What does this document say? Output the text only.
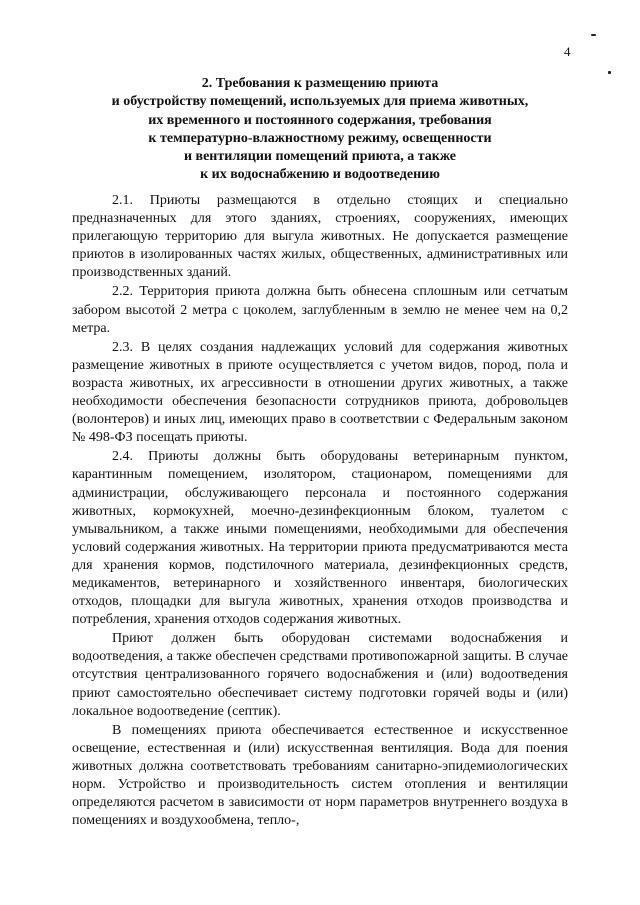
4
2. Требования к размещению приюта
и обустройству помещений, используемых для приема животных,
их временного и постоянного содержания, требования
к температурно-влажностному режиму, освещенности
и вентиляции помещений приюта, а также
к их водоснабжению и водоотведению

2.1. Приюты размещаются в отдельно стоящих и специально предназначенных для этого зданиях, строениях, сооружениях, имеющих прилегающую территорию для выгула животных. Не допускается размещение приютов в изолированных частях жилых, общественных, административных или производственных зданий.

2.2. Территория приюта должна быть обнесена сплошным или сетчатым забором высотой 2 метра с цоколем, заглубленным в землю не менее чем на 0,2 метра.

2.3. В целях создания надлежащих условий для содержания животных размещение животных в приюте осуществляется с учетом видов, пород, пола и возраста животных, их агрессивности в отношении других животных, а также необходимости обеспечения безопасности сотрудников приюта, добровольцев (волонтеров) и иных лиц, имеющих право в соответствии с Федеральным законом № 498-ФЗ посещать приюты.

2.4. Приюты должны быть оборудованы ветеринарным пунктом, карантинным помещением, изолятором, стационаром, помещениями для администрации, обслуживающего персонала и постоянного содержания животных, кормокухней, моечно-дезинфекционным блоком, туалетом с умывальником, а также иными помещениями, необходимыми для обеспечения условий содержания животных. На территории приюта предусматриваются места для хранения кормов, подстилочного материала, дезинфекционных средств, медикаментов, ветеринарного и хозяйственного инвентаря, биологических отходов, площадки для выгула животных, хранения отходов производства и потребления, хранения отходов содержания животных.

Приют должен быть оборудован системами водоснабжения и водоотведения, а также обеспечен средствами противопожарной защиты. В случае отсутствия централизованного горячего водоснабжения и (или) водоотведения приют самостоятельно обеспечивает систему подготовки горячей воды и (или) локальное водоотведение (септик).

В помещениях приюта обеспечивается естественное и искусственное освещение, естественная и (или) искусственная вентиляция. Вода для поения животных должна соответствовать требованиям санитарно-эпидемиологических норм. Устройство и производительность систем отопления и вентиляции определяются расчетом в зависимости от норм параметров внутреннего воздуха в помещениях и воздухообмена, тепло-,
